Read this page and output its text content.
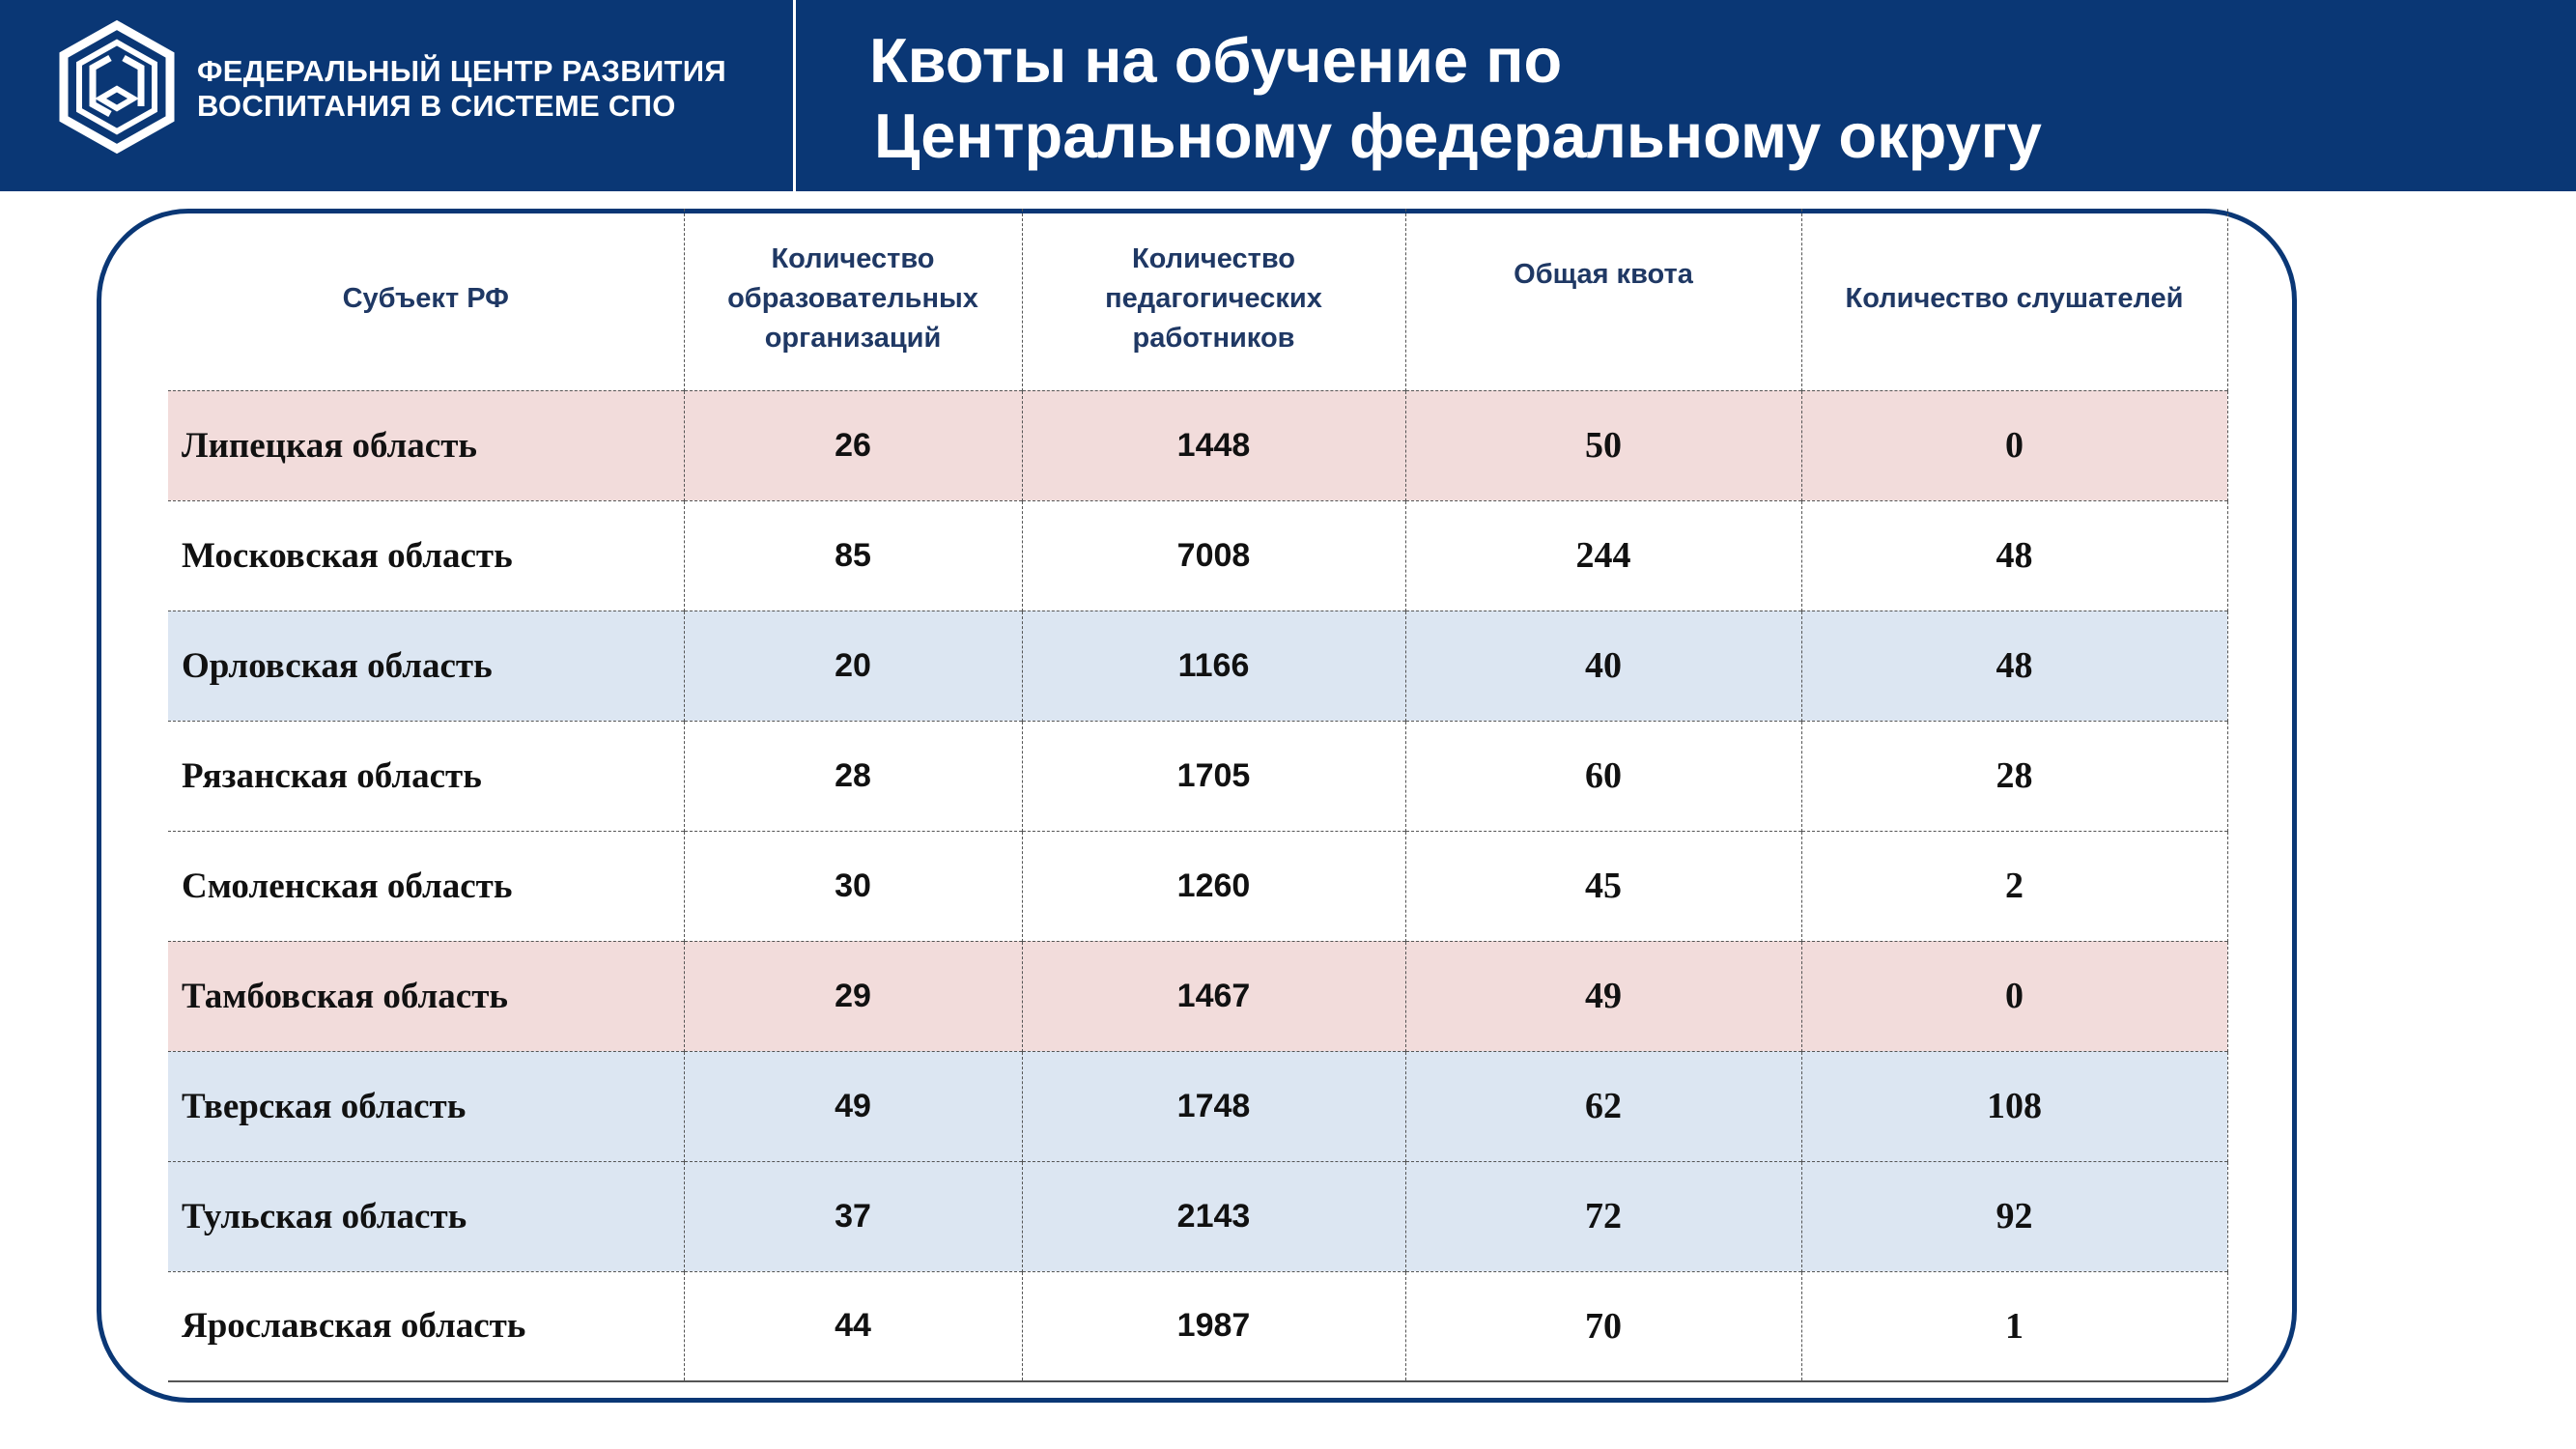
ФЕДЕРАЛЬНЫЙ ЦЕНТР РАЗВИТИЯ
ВОСПИТАНИЯ В СИСТЕМЕ СПО
Квоты на обучение по
Центральному федеральному округу
Субъект РФ	Количество образовательных организаций	Количество педагогических работников	Общая квота	Количество слушателей
Липецкая область	26	1448	50	0
Московская область	85	7008	244	48
Орловская область	20	1166	40	48
Рязанская область	28	1705	60	28
Смоленская область	30	1260	45	2
Тамбовская область	29	1467	49	0
Тверская область	49	1748	62	108
Тульская область	37	2143	72	92
Ярославская область	44	1987	70	1
